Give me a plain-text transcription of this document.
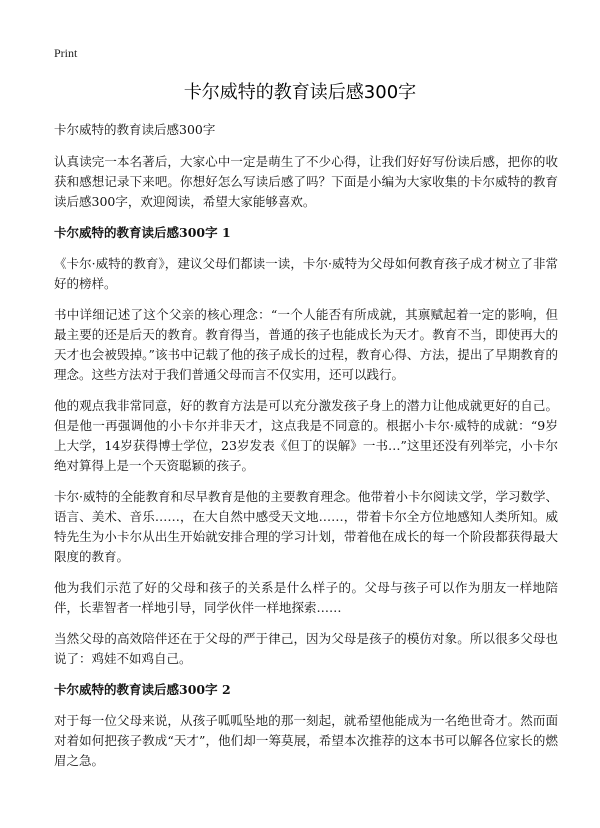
Print
卡尔威特的教育读后感300字

卡尔威特的教育读后感300字

认真读完一本名著后，大家心中一定是萌生了不少心得，让我们好好写份读后感，把你的收获和感想记录下来吧。你想好怎么写读后感了吗？下面是小编为大家收集的卡尔威特的教育读后感300字，欢迎阅读，希望大家能够喜欢。

卡尔威特的教育读后感300字 1

《卡尔·威特的教育》，建议父母们都读一读，卡尔·威特为父母如何教育孩子成才树立了非常好的榜样。

书中详细记述了这个父亲的核心理念：“一个人能否有所成就，其禀赋起着一定的影响，但最主要的还是后天的教育。教育得当，普通的孩子也能成长为天才。教育不当，即使再大的天才也会被毁掉。”该书中记载了他的孩子成长的过程，教育心得、方法，提出了早期教育的理念。这些方法对于我们普通父母而言不仅实用，还可以践行。

他的观点我非常同意，好的教育方法是可以充分激发孩子身上的潜力让他成就更好的自己。但是他一再强调他的小卡尔并非天才，这点我是不同意的。根据小卡尔·威特的成就：“9岁上大学，14岁获得博士学位，23岁发表《但丁的误解》一书…”这里还没有列举完，小卡尔绝对算得上是一个天资聪颖的孩子。

卡尔·威特的全能教育和尽早教育是他的主要教育理念。他带着小卡尔阅读文学，学习数学、语言、美术、音乐……，在大自然中感受天文地……，带着卡尔全方位地感知人类所知。威特先生为小卡尔从出生开始就安排合理的学习计划，带着他在成长的每一个阶段都获得最大限度的教育。

他为我们示范了好的父母和孩子的关系是什么样子的。父母与孩子可以作为朋友一样地陪伴，长辈智者一样地引导，同学伙伴一样地探索……

当然父母的高效陪伴还在于父母的严于律己，因为父母是孩子的模仿对象。所以很多父母也说了：鸡娃不如鸡自己。

卡尔威特的教育读后感300字 2

对于每一位父母来说，从孩子呱呱坠地的那一刻起，就希望他能成为一名绝世奇才。然而面对着如何把孩子教成“天才”，他们却一筹莫展，希望本次推荐的这本书可以解各位家长的燃眉之急。
